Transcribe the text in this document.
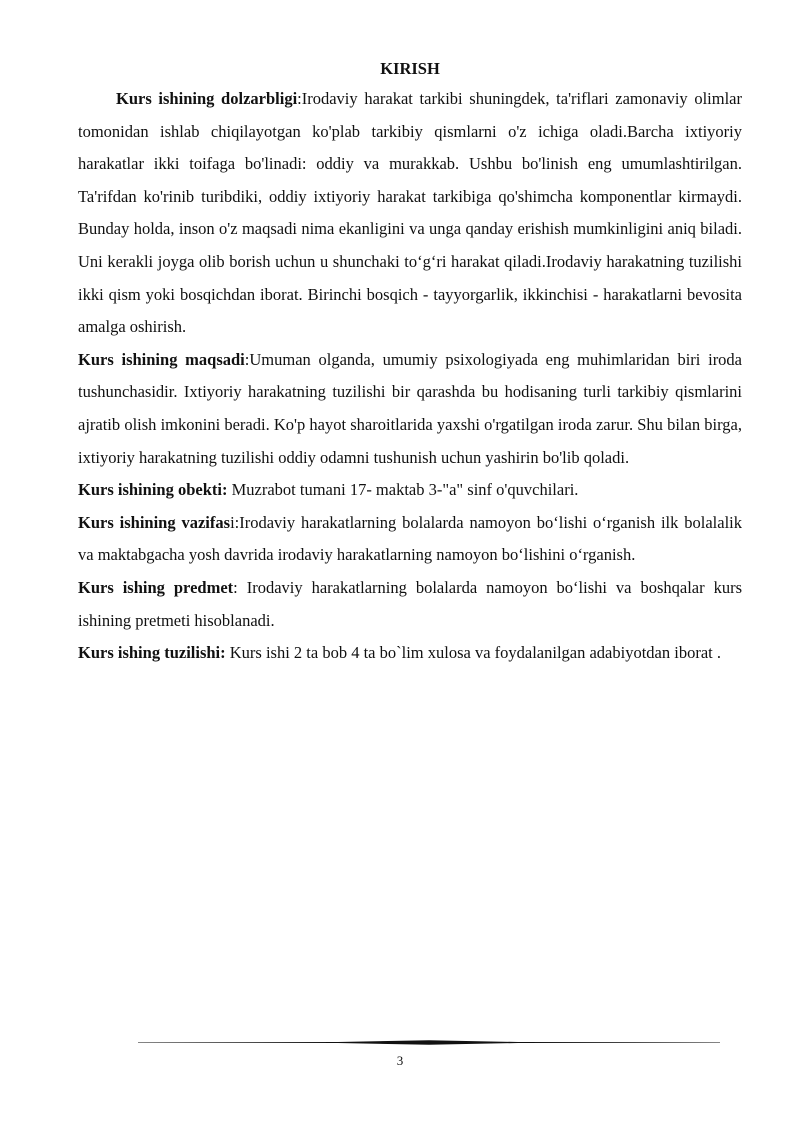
KIRISH

Kurs ishining dolzarbligi:Irodaviy harakat tarkibi shuningdek, ta'riflari zamonaviy olimlar tomonidan ishlab chiqilayotgan ko'plab tarkibiy qismlarni o'z ichiga oladi.Barcha ixtiyoriy harakatlar ikki toifaga bo'linadi: oddiy va murakkab. Ushbu bo'linish eng umumlashtirilgan. Ta'rifdan ko'rinib turibdiki, oddiy ixtiyoriy harakat tarkibiga qo'shimcha komponentlar kirmaydi. Bunday holda, inson o'z maqsadi nima ekanligini va unga qanday erishish mumkinligini aniq biladi. Uni kerakli joyga olib borish uchun u shunchaki to‘g‘ri harakat qiladi.Irodaviy harakatning tuzilishi ikki qism yoki bosqichdan iborat. Birinchi bosqich - tayyorgarlik, ikkinchisi - harakatlarni bevosita amalga oshirish.

Kurs ishining maqsadi:Umuman olganda, umumiy psixologiyada eng muhimlaridan biri iroda tushunchasidir. Ixtiyoriy harakatning tuzilishi bir qarashda bu hodisaning turli tarkibiy qismlarini ajratib olish imkonini beradi. Ko'p hayot sharoitlarida yaxshi o'rgatilgan iroda zarur. Shu bilan birga, ixtiyoriy harakatning tuzilishi oddiy odamni tushunish uchun yashirin bo'lib qoladi.

Kurs ishining obekti: Muzrabot tumani 17- maktab 3-"a" sinf o'quvchilari.

Kurs ishining vazifasi:Irodaviy harakatlarning bolalarda namoyon bo‘lishi o‘rganish ilk bolalalik va maktabgacha yosh davrida irodaviy harakatlarning namoyon bo‘lishini o‘rganish.

Kurs ishing predmet: Irodaviy harakatlarning bolalarda namoyon bo‘lishi va boshqalar kurs ishining pretmeti hisoblanadi.

Kurs ishing tuzilishi: Kurs ishi 2 ta bob 4 ta bo`lim xulosa va foydalanilgan adabiyotdan iborat .

3
